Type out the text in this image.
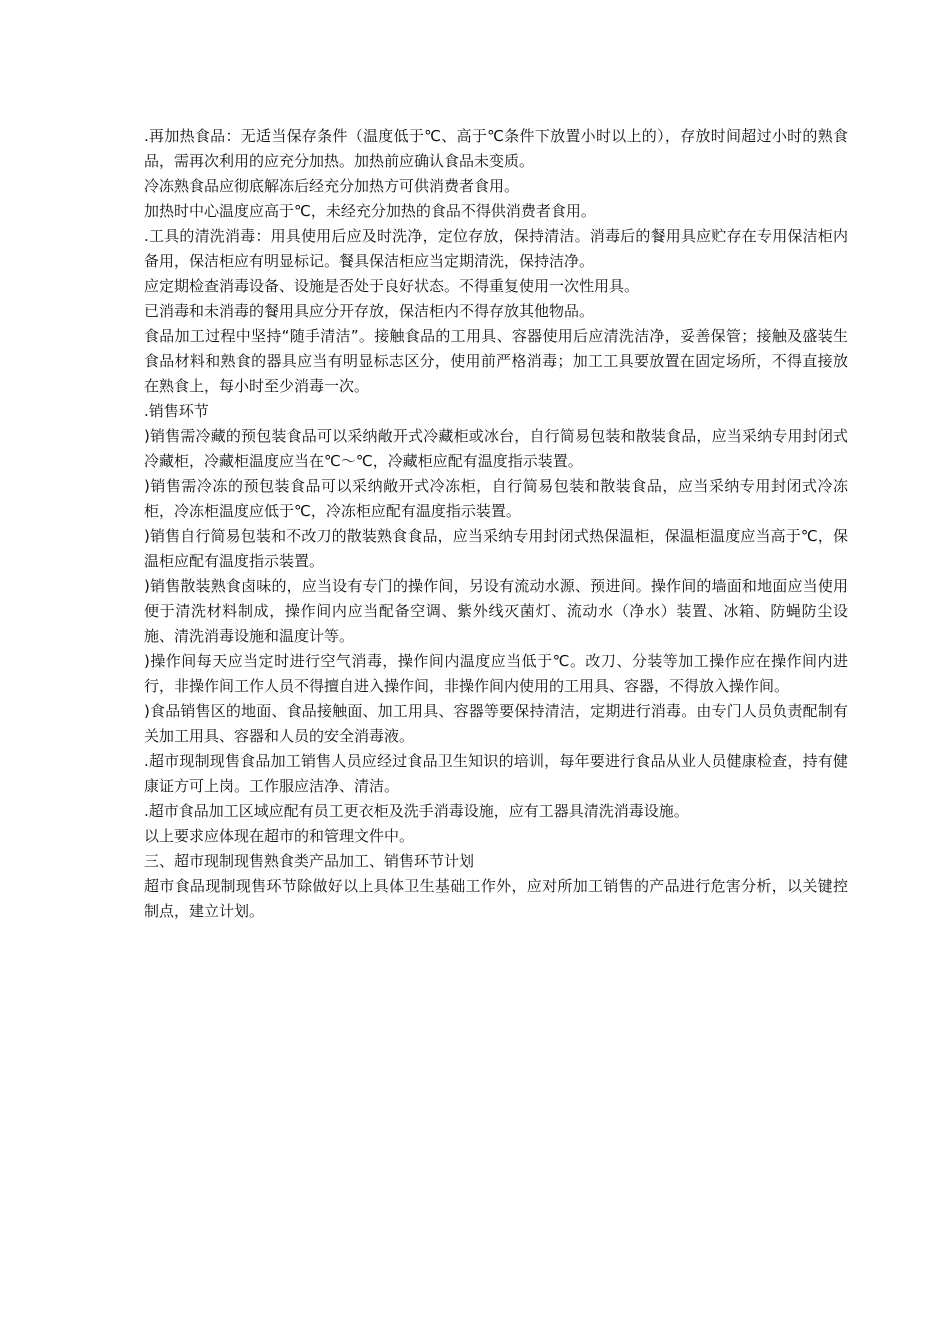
.再加热食品：无适当保存条件（温度低于℃、高于℃条件下放置小时以上的），存放时间超过小时的熟食品，需再次利用的应充分加热。加热前应确认食品未变质。

冷冻熟食品应彻底解冻后经充分加热方可供消费者食用。

加热时中心温度应高于℃，未经充分加热的食品不得供消费者食用。

.工具的清洗消毒：用具使用后应及时洗净，定位存放，保持清洁。消毒后的餐用具应贮存在专用保洁柜内备用，保洁柜应有明显标记。餐具保洁柜应当定期清洗，保持洁净。

应定期检查消毒设备、设施是否处于良好状态。不得重复使用一次性用具。

已消毒和未消毒的餐用具应分开存放，保洁柜内不得存放其他物品。

食品加工过程中坚持“随手清洁”。接触食品的工用具、容器使用后应清洗洁净，妥善保管；接触及盛装生食品材料和熟食的器具应当有明显标志区分，使用前严格消毒；加工工具要放置在固定场所，不得直接放在熟食上，每小时至少消毒一次。

.销售环节

)销售需冷藏的预包装食品可以采纳敞开式冷藏柜或冰台，自行简易包装和散装食品，应当采纳专用封闭式冷藏柜，冷藏柜温度应当在℃～℃，冷藏柜应配有温度指示装置。

)销售需冷冻的预包装食品可以采纳敞开式冷冻柜，自行简易包装和散装食品，应当采纳专用封闭式冷冻柜，冷冻柜温度应低于℃，冷冻柜应配有温度指示装置。

)销售自行简易包装和不改刀的散装熟食食品，应当采纳专用封闭式热保温柜，保温柜温度应当高于℃，保温柜应配有温度指示装置。

)销售散装熟食卤味的，应当设有专门的操作间，另设有流动水源、预进间。操作间的墙面和地面应当使用便于清洗材料制成，操作间内应当配备空调、紫外线灭菌灯、流动水（净水）装置、冰箱、防蝇防尘设施、清洗消毒设施和温度计等。

)操作间每天应当定时进行空气消毒，操作间内温度应当低于℃。改刀、分装等加工操作应在操作间内进行，非操作间工作人员不得擅自进入操作间，非操作间内使用的工用具、容器，不得放入操作间。

)食品销售区的地面、食品接触面、加工用具、容器等要保持清洁，定期进行消毒。由专门人员负责配制有关加工用具、容器和人员的安全消毒液。

.超市现制现售食品加工销售人员应经过食品卫生知识的培训，每年要进行食品从业人员健康检查，持有健康证方可上岗。工作服应洁净、清洁。

.超市食品加工区域应配有员工更衣柜及洗手消毒设施，应有工器具清洗消毒设施。

以上要求应体现在超市的和管理文件中。

三、超市现制现售熟食类产品加工、销售环节计划

超市食品现制现售环节除做好以上具体卫生基础工作外，应对所加工销售的产品进行危害分析，以关键控制点，建立计划。
